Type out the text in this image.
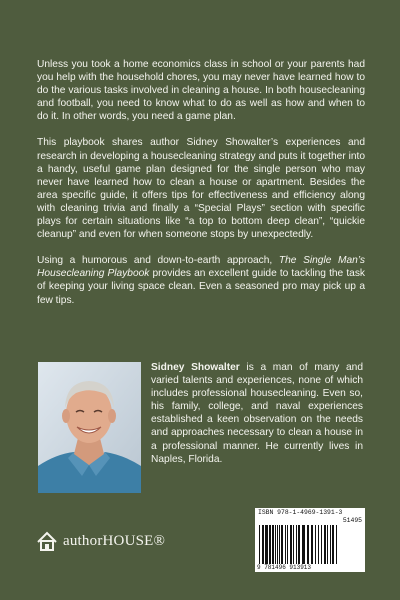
Unless you took a home economics class in school or your parents had you help with the household chores, you may never have learned how to do the various tasks involved in cleaning a house. In both housecleaning and football, you need to know what to do as well as how and when to do it. In other words, you need a game plan.

This playbook shares author Sidney Showalter’s experiences and research in developing a housecleaning strategy and puts it together into a handy, useful game plan designed for the single person who may never have learned how to clean a house or apartment. Besides the area specific guide, it offers tips for effectiveness and efficiency along with cleaning trivia and finally a “Special Plays” section with specific plays for certain situations like “a top to bottom deep clean”, “quickie cleanup” and even for when someone stops by unexpectedly.

Using a humorous and down-to-earth approach, The Single Man’s Housecleaning Playbook provides an excellent guide to tackling the task of keeping your living space clean. Even a seasoned pro may pick up a few tips.

Sidney Showalter is a man of many and varied talents and experiences, none of which includes professional housecleaning. Even so, his family, college, and naval experiences established a keen observation on the needs and approaches necessary to clean a house in a professional manner. He currently lives in Naples, Florida.
authorHOUSE®
ISBN 978-1-4969-1391-3
51495
9 781496 913913
